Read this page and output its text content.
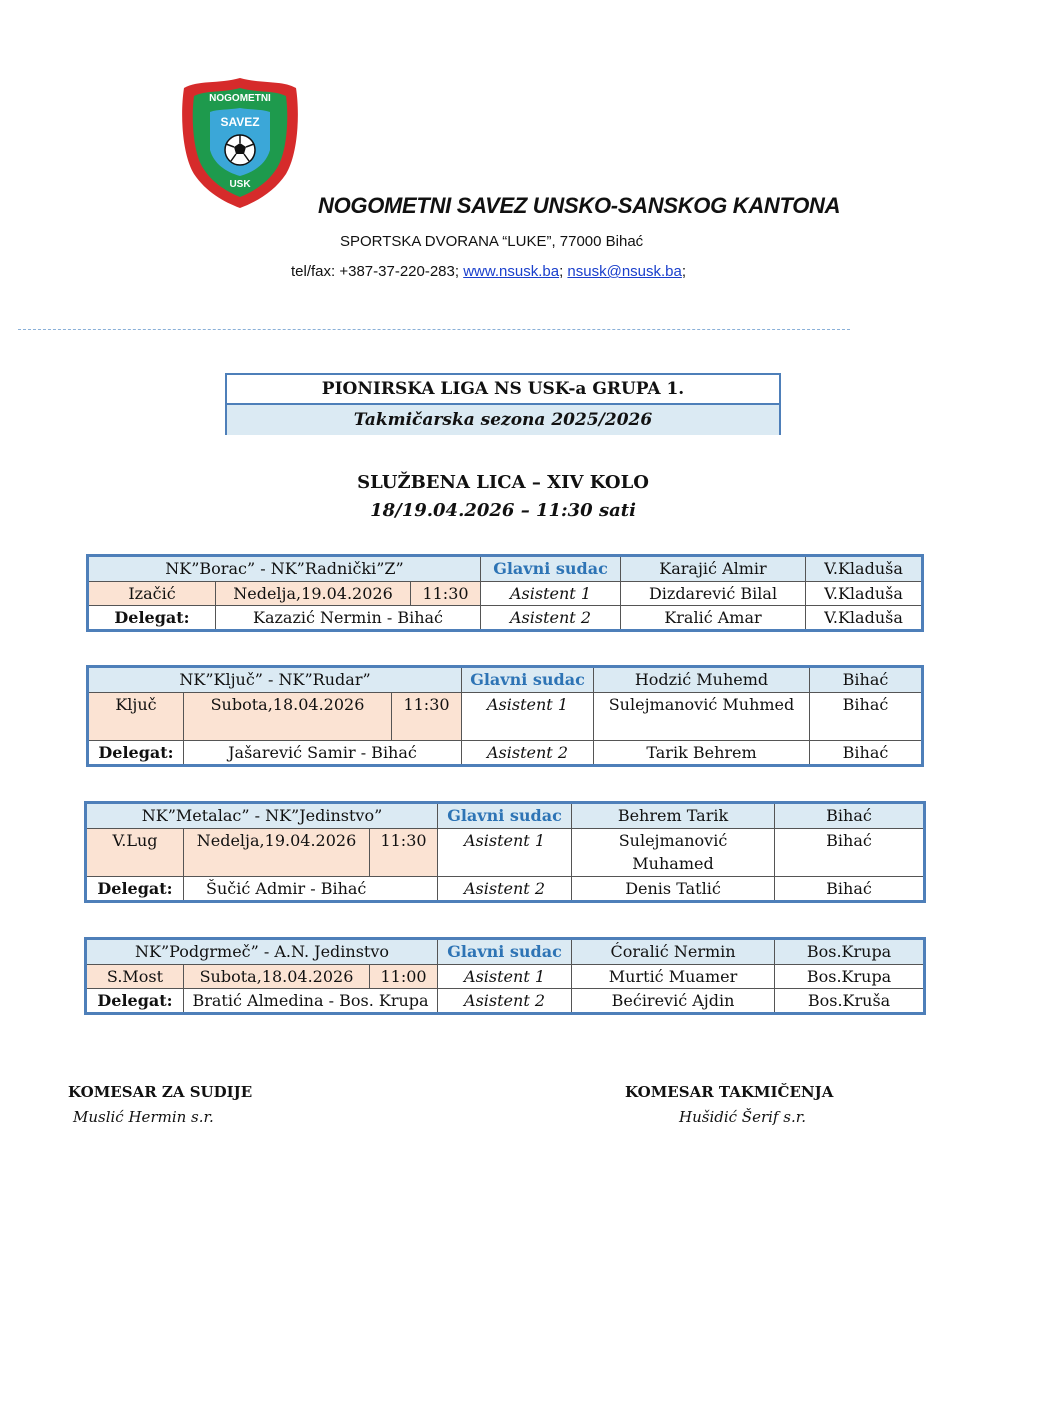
NOGOMETNI
SAVEZ
USK
NOGOMETNI SAVEZ UNSKO-SANSKOG KANTONA
SPORTSKA DVORANA “LUKE”, 77000 Bihać
tel/fax: +387-37-220-283; www.nsusk.ba; nsusk@nsusk.ba;
PIONIRSKA LIGA NS USK-a GRUPA 1.
Takmičarska sezona 2025/2026
SLUŽBENA LICA – XIV KOLO
18/19.04.2026 – 11:30 sati
NK”Borac” - NK”Radnički”Z”			Glavni sudac	Karajić Almir	V.Kladuša
Izačić	Nedelja,19.04.2026	11:30	Asistent 1	Dizdarević Bilal	V.Kladuša
Delegat:	Kazazić Nermin - Bihać		Asistent 2	Kralić Amar	V.Kladuša
NK”Ključ” - NK”Rudar”			Glavni sudac	Hodzić Muhemd	Bihać
Ključ	Subota,18.04.2026	11:30	Asistent 1	Sulejmanović Muhmed	Bihać
Delegat:	Jašarević Samir - Bihać		Asistent 2	Tarik Behrem	Bihać
NK”Metalac” - NK”Jedinstvo”			Glavni sudac	Behrem Tarik	Bihać
V.Lug	Nedelja,19.04.2026	11:30	Asistent 1	Sulejmanović Muhamed	Bihać
Delegat:	Šučić Admir - Bihać		Asistent 2	Denis Tatlić	Bihać
NK”Podgrmeč” - A.N. Jedinstvo			Glavni sudac	Ćoralić Nermin	Bos.Krupa
S.Most	Subota,18.04.2026	11:00	Asistent 1	Murtić Muamer	Bos.Krupa
Delegat:	Bratić Almedina - Bos. Krupa		Asistent 2	Bećirević Ajdin	Bos.Kruša
KOMESAR ZA SUDIJE
Muslić Hermin s.r.
KOMESAR TAKMIČENJA
Hušidić Šerif s.r.
